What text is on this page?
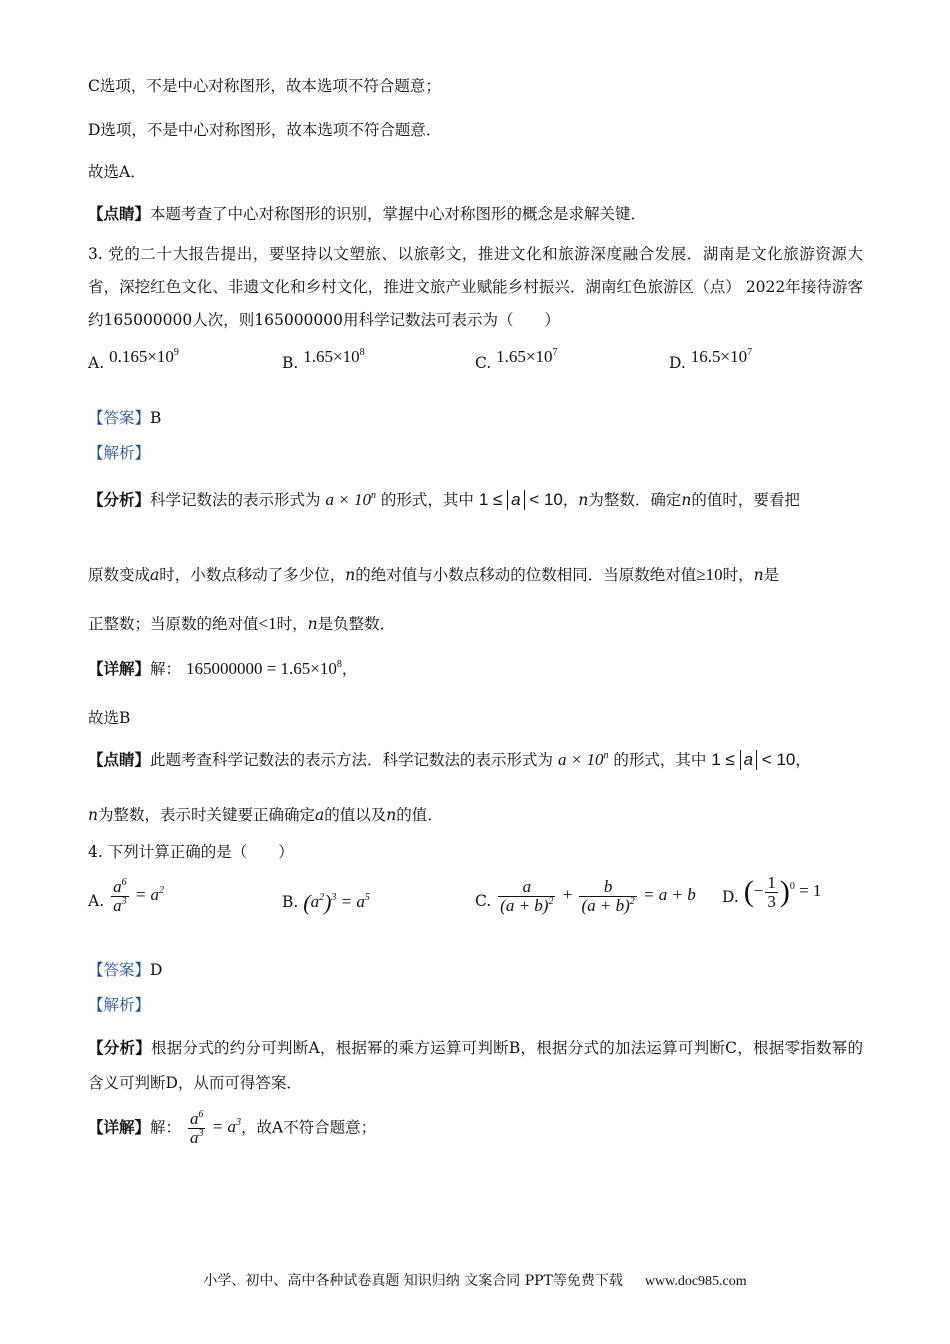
C选项，不是中心对称图形，故本选项不符合题意；
D选项，不是中心对称图形，故本选项不符合题意．
故选A．
【点睛】本题考查了中心对称图形的识别，掌握中心对称图形的概念是求解关键．
3. 党的二十大报告提出，要坚持以文塑旅、以旅彰文，推进文化和旅游深度融合发展．湖南是文化旅游资源大省，深挖红色文化、非遗文化和乡村文化，推进文旅产业赋能乡村振兴．湖南红色旅游区（点） 2022年接待游客约165000000人次，则165000000用科学记数法可表示为（　　）
A. $0.165\times 10^9$
B. $1.65\times 10^8$
C. $1.65\times 10^7$
D. $16.5\times 10^7$
【答案】B
【解析】
【分析】科学记数法的表示形式为 $a \times 10^n$ 的形式，其中 1 ≤ a < 10，n为整数．确定n的值时，要看把
原数变成a时，小数点移动了多少位，n的绝对值与小数点移动的位数相同．当原数绝对值≥10时，n是
正整数；当原数的绝对值<1时，n是负整数．
【详解】解： $165000000 = 1.65\times 10^8$，
故选B
【点睛】此题考查科学记数法的表示方法．科学记数法的表示形式为 $a \times 10^n$ 的形式，其中 1 ≤ a < 10，
n为整数，表示时关键要正确确定a的值以及n的值．
4. 下列计算正确的是（　　）
A. $\frac{a^6}{a^3} = a^2$
B. $(a^2)^3 = a^5$	C. $\frac{a}{(a + b)^2} + \frac{b}{(a + b)^2} = a + b$ D. (− $\frac{1}{3} )^0 = 1$
【答案】D
【解析】
【分析】根据分式的约分可判断A，根据幂的乘方运算可判断B，根据分式的加法运算可判断C，根据零指数幂的含义可判断D，从而可得答案．
【详解】解： $\frac{a^6}{a^3} = a^3$，故A不符合题意；
小学、初中、高中各种试卷真题 知识归纳 文案合同 PPT等免费下载 www.doc985.com
